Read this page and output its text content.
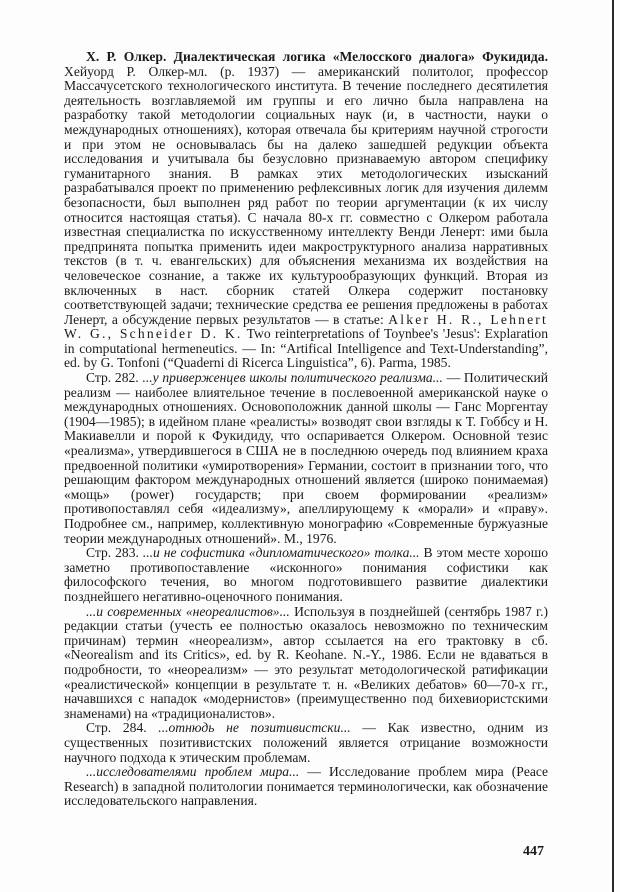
Х. Р. Олкер. Диалектическая логика «Мелосского диалога» Фукидида. Хейуорд Р. Олкер-мл. (р. 1937) — американский политолог, профессор Массачусетского технологического института. В течение последнего десятилетия деятельность возглавляемой им группы и его лично была направлена на разработку такой методологии социальных наук (и, в частности, науки о международных отношениях), которая отвечала бы критериям научной строгости и при этом не основывалась бы на далеко зашедшей редукции объекта исследования и учитывала бы безусловно признаваемую автором специфику гуманитарного знания. В рамках этих методологических изысканий разрабатывался проект по применению рефлексивных логик для изучения дилемм безопасности, был выполнен ряд работ по теории аргументации (к их числу относится настоящая статья). С начала 80-х гг. совместно с Олкером работала известная специалистка по искусственному интеллекту Венди Ленерт: ими была предпринята попытка применить идеи макроструктурного анализа нарративных текстов (в т. ч. евангельских) для объяснения механизма их воздействия на человеческое сознание, а также их культурообразующих функций. Вторая из включенных в наст. сборник статей Олкера содержит постановку соответствующей задачи; технические средства ее решения предложены в работах Ленерт, а обсуждение первых результатов — в статье: Alker H. R., Lehnert W. G., Schneider D. K. Two reinterpretations of Toynbee's 'Jesus': Explaration in computational hermeneutics. — In: “Artifical Intelligence and Text-Understanding”, ed. by G. Tonfoni (“Quaderni di Ricerca Linguistica”, 6). Parma, 1985.

Стр. 282. ...у приверженцев школы политического реализма... — Политический реализм — наиболее влиятельное течение в послевоенной американской науке о международных отношениях. Основоположник данной школы — Ганс Моргентау (1904—1985); в идейном плане «реалисты» возводят свои взгляды к Т. Гоббсу и Н. Макиавелли и порой к Фукидиду, что оспаривается Олкером. Основной тезис «реализма», утвердившегося в США не в последнюю очередь под влиянием краха предвоенной политики «умиротворения» Германии, состоит в признании того, что решающим фактором международных отношений является (широко понимаемая) «мощь» (power) государств; при своем формировании «реализм» противопоставлял себя «идеализму», апеллирующему к «морали» и «праву». Подробнее см., например, коллективную монографию «Современные буржуазные теории международных отношений». М., 1976.

Стр. 283. ...и не софистика «дипломатического» толка... В этом месте хорошо заметно противопоставление «исконного» понимания софистики как философского течения, во многом подготовившего развитие диалектики позднейшего негативно-оценочного понимания.

...и современных «неореалистов»... Используя в позднейшей (сентябрь 1987 г.) редакции статьи (учесть ее полностью оказалось невозможно по техническим причинам) термин «неореализм», автор ссылается на его трактовку в сб. «Neorealism and its Critics», ed. by R. Keohane. N.-Y., 1986. Если не вдаваться в подробности, то «неореализм» — это результат методологической ратификации «реалистической» концепции в результате т. н. «Великих дебатов» 60—70-х гг., начавшихся с нападок «модернистов» (преимущественно под бихевиористскими знаменами) на «традиционалистов».

Стр. 284. ...отнюдь не позитивистски... — Как известно, одним из существенных позитивистских положений является отрицание возможности научного подхода к этическим проблемам.

...исследователями проблем мира... — Исследование проблем мира (Peace Research) в западной политологии понимается терминологически, как обозначение исследовательского направления.

447
